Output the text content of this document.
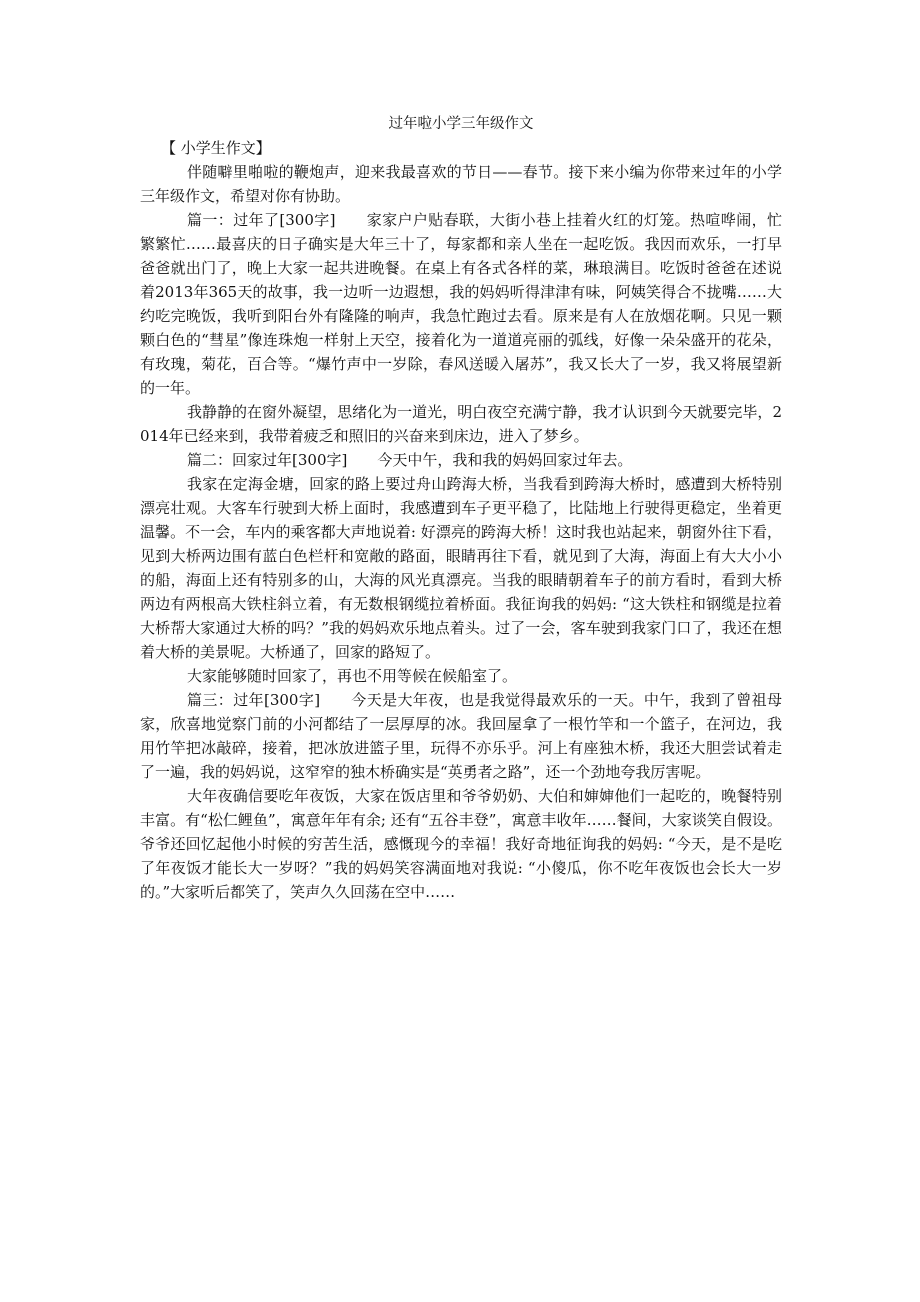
过年啦小学三年级作文

【 小学生作文】

伴随噼里啪啦的鞭炮声，迎来我最喜欢的节日——春节。接下来小编为你带来过年的小学三年级作文，希望对你有协助。

篇一：过年了[300字]　　家家户户贴春联，大街小巷上挂着火红的灯笼。热喧哗闹，忙繁繁忙……最喜庆的日子确实是大年三十了，每家都和亲人坐在一起吃饭。我因而欢乐，一打早爸爸就出门了，晚上大家一起共进晚餐。在桌上有各式各样的菜，琳琅满目。吃饭时爸爸在述说着2013年365天的故事，我一边听一边遐想，我的妈妈听得津津有味，阿姨笑得合不拢嘴……大约吃完晚饭，我听到阳台外有隆隆的响声，我急忙跑过去看。原来是有人在放烟花啊。只见一颗颗白色的“彗星”像连珠炮一样射上天空，接着化为一道道亮丽的弧线，好像一朵朵盛开的花朵，有玫瑰，菊花，百合等。“爆竹声中一岁除，春风送暖入屠苏”，我又长大了一岁，我又将展望新的一年。

我静静的在窗外凝望，思绪化为一道光，明白夜空充满宁静，我才认识到今天就要完毕，2014年已经来到，我带着疲乏和照旧的兴奋来到床边，进入了梦乡。

篇二：回家过年[300字]　　今天中午，我和我的妈妈回家过年去。

我家在定海金塘，回家的路上要过舟山跨海大桥，当我看到跨海大桥时，感遭到大桥特别漂亮壮观。大客车行驶到大桥上面时，我感遭到车子更平稳了，比陆地上行驶得更稳定，坐着更温馨。不一会，车内的乘客都大声地说着: 好漂亮的跨海大桥！这时我也站起来，朝窗外往下看，见到大桥两边围有蓝白色栏杆和宽敞的路面，眼睛再往下看，就见到了大海，海面上有大大小小的船，海面上还有特别多的山，大海的风光真漂亮。当我的眼睛朝着车子的前方看时，看到大桥两边有两根高大铁柱斜立着，有无数根钢缆拉着桥面。我征询我的妈妈: “这大铁柱和钢缆是拉着大桥帮大家通过大桥的吗？”我的妈妈欢乐地点着头。过了一会，客车驶到我家门口了，我还在想着大桥的美景呢。大桥通了，回家的路短了。

大家能够随时回家了，再也不用等候在候船室了。

篇三：过年[300字]　　今天是大年夜，也是我觉得最欢乐的一天。中午，我到了曾祖母家，欣喜地觉察门前的小河都结了一层厚厚的冰。我回屋拿了一根竹竿和一个篮子，在河边，我用竹竿把冰敲碎，接着，把冰放进篮子里，玩得不亦乐乎。河上有座独木桥，我还大胆尝试着走了一遍，我的妈妈说，这窄窄的独木桥确实是“英勇者之路”，还一个劲地夸我厉害呢。

大年夜确信要吃年夜饭，大家在饭店里和爷爷奶奶、大伯和婶婶他们一起吃的，晚餐特别丰富。有“松仁鲤鱼”，寓意年年有余; 还有“五谷丰登”，寓意丰收年……餐间，大家谈笑自假设。爷爷还回忆起他小时候的穷苦生活，感慨现今的幸福！我好奇地征询我的妈妈: “今天，是不是吃了年夜饭才能长大一岁呀？”我的妈妈笑容满面地对我说: “小傻瓜，你不吃年夜饭也会长大一岁的。”大家听后都笑了，笑声久久回荡在空中……
